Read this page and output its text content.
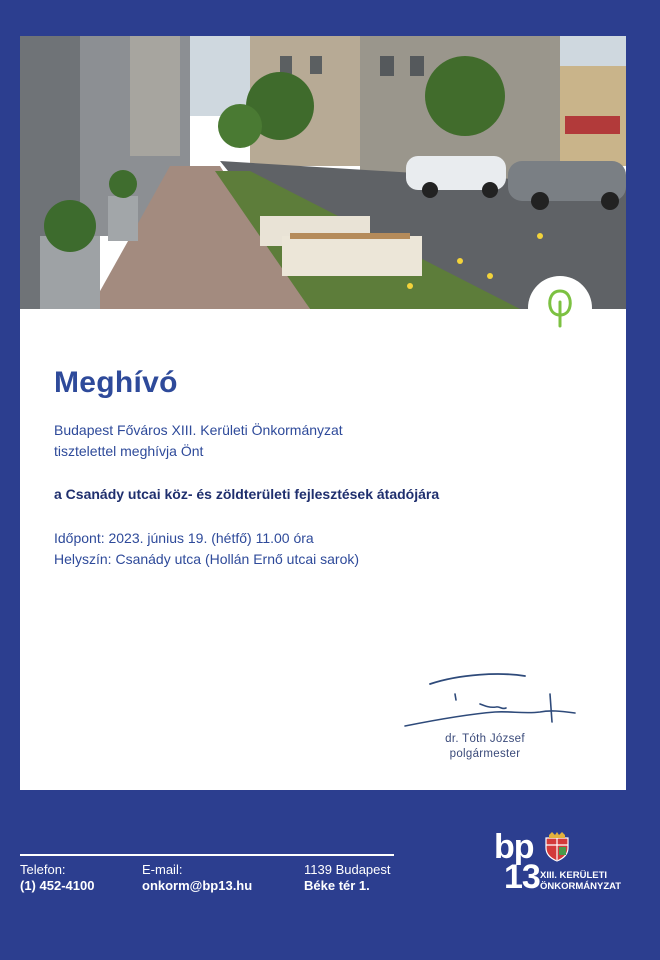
Meghívó
Budapest Főváros XIII. Kerületi Önkormányzat
tisztelettel meghívja Önt
a Csanády utcai köz- és zöldterületi fejlesztések átadójára
Időpont: 2023. június 19. (hétfő) 11.00 óra
Helyszín: Csanády utca (Hollán Ernő utcai sarok)
dr. Tóth József
polgármester
Telefon:
(1) 452-4100
E-mail:
onkorm@bp13.hu
1139 Budapest
Béke tér 1.
bp
13 XIII. KERÜLETI
ÖNKORMÁNYZAT
